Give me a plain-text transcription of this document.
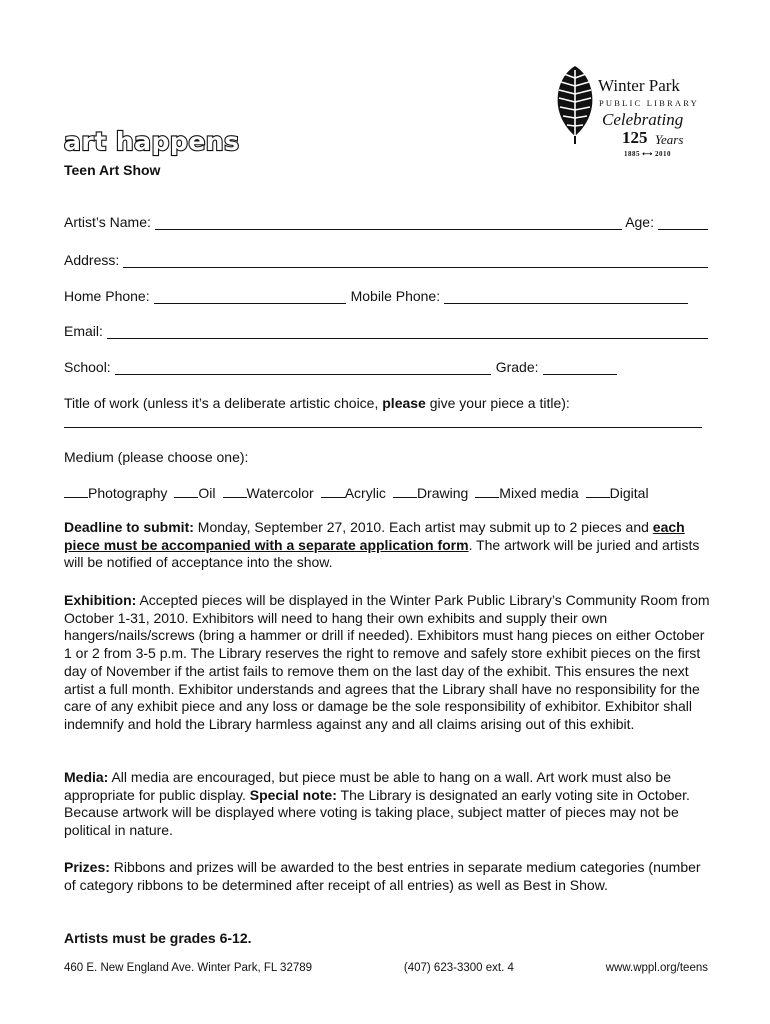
Winter Park
PUBLIC LIBRARY
Celebrating
125 Years
1885 ⟷ 2010
art happens
Teen Art Show
Artist’s Name:	Age:
Address:
Home Phone:	Mobile Phone:
Email:
School:	Grade:
Title of work (unless it’s a deliberate artistic choice, please give your piece a title):
Medium (please choose one):
Photography	Oil	Watercolor	Acrylic	Drawing	Mixed media	Digital
Deadline to submit: Monday, September 27, 2010. Each artist may submit up to 2 pieces and each piece must be accompanied with a separate application form. The artwork will be juried and artists will be notified of acceptance into the show.
Exhibition: Accepted pieces will be displayed in the Winter Park Public Library’s Community Room from October 1-31, 2010. Exhibitors will need to hang their own exhibits and supply their own hangers/nails/screws (bring a hammer or drill if needed). Exhibitors must hang pieces on either October 1 or 2 from 3-5 p.m. The Library reserves the right to remove and safely store exhibit pieces on the first day of November if the artist fails to remove them on the last day of the exhibit. This ensures the next artist a full month. Exhibitor understands and agrees that the Library shall have no responsibility for the care of any exhibit piece and any loss or damage be the sole responsibility of exhibitor. Exhibitor shall indemnify and hold the Library harmless against any and all claims arising out of this exhibit.
Media: All media are encouraged, but piece must be able to hang on a wall. Art work must also be appropriate for public display. Special note: The Library is designated an early voting site in October. Because artwork will be displayed where voting is taking place, subject matter of pieces may not be political in nature.
Prizes: Ribbons and prizes will be awarded to the best entries in separate medium categories (number of category ribbons to be determined after receipt of all entries) as well as Best in Show.
Artists must be grades 6-12.
460 E. New England Ave. Winter Park, FL 32789	(407) 623-3300 ext. 4	www.wppl.org/teens
